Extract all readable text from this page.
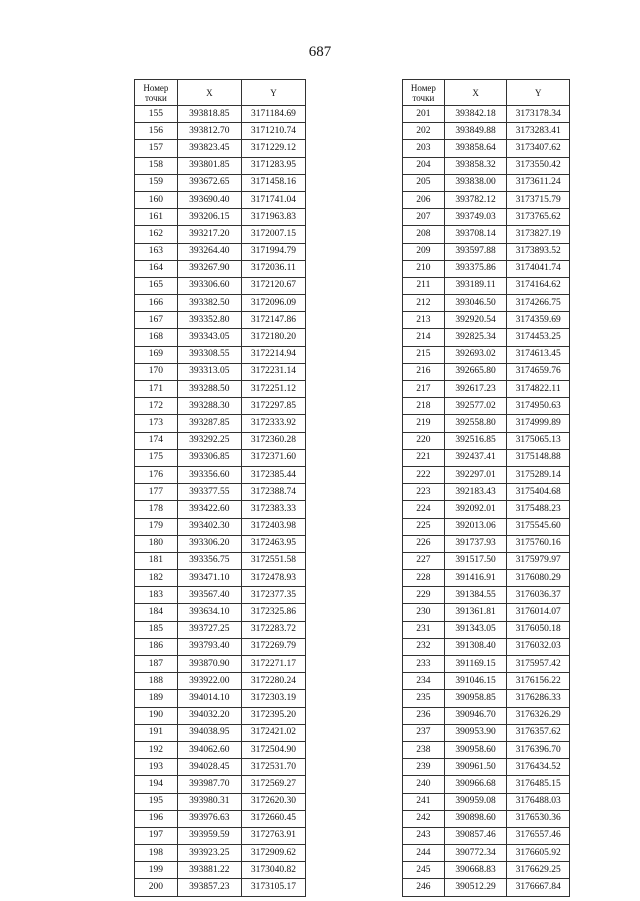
687
Номер
точки	X	Y
155	393818.85	3171184.69
156	393812.70	3171210.74
157	393823.45	3171229.12
158	393801.85	3171283.95
159	393672.65	3171458.16
160	393690.40	3171741.04
161	393206.15	3171963.83
162	393217.20	3172007.15
163	393264.40	3171994.79
164	393267.90	3172036.11
165	393306.60	3172120.67
166	393382.50	3172096.09
167	393352.80	3172147.86
168	393343.05	3172180.20
169	393308.55	3172214.94
170	393313.05	3172231.14
171	393288.50	3172251.12
172	393288.30	3172297.85
173	393287.85	3172333.92
174	393292.25	3172360.28
175	393306.85	3172371.60
176	393356.60	3172385.44
177	393377.55	3172388.74
178	393422.60	3172383.33
179	393402.30	3172403.98
180	393306.20	3172463.95
181	393356.75	3172551.58
182	393471.10	3172478.93
183	393567.40	3172377.35
184	393634.10	3172325.86
185	393727.25	3172283.72
186	393793.40	3172269.79
187	393870.90	3172271.17
188	393922.00	3172280.24
189	394014.10	3172303.19
190	394032.20	3172395.20
191	394038.95	3172421.02
192	394062.60	3172504.90
193	394028.45	3172531.70
194	393987.70	3172569.27
195	393980.31	3172620.30
196	393976.63	3172660.45
197	393959.59	3172763.91
198	393923.25	3172909.62
199	393881.22	3173040.82
200	393857.23	3173105.17
Номер
точки	X	Y
201	393842.18	3173178.34
202	393849.88	3173283.41
203	393858.64	3173407.62
204	393858.32	3173550.42
205	393838.00	3173611.24
206	393782.12	3173715.79
207	393749.03	3173765.62
208	393708.14	3173827.19
209	393597.88	3173893.52
210	393375.86	3174041.74
211	393189.11	3174164.62
212	393046.50	3174266.75
213	392920.54	3174359.69
214	392825.34	3174453.25
215	392693.02	3174613.45
216	392665.80	3174659.76
217	392617.23	3174822.11
218	392577.02	3174950.63
219	392558.80	3174999.89
220	392516.85	3175065.13
221	392437.41	3175148.88
222	392297.01	3175289.14
223	392183.43	3175404.68
224	392092.01	3175488.23
225	392013.06	3175545.60
226	391737.93	3175760.16
227	391517.50	3175979.97
228	391416.91	3176080.29
229	391384.55	3176036.37
230	391361.81	3176014.07
231	391343.05	3176050.18
232	391308.40	3176032.03
233	391169.15	3175957.42
234	391046.15	3176156.22
235	390958.85	3176286.33
236	390946.70	3176326.29
237	390953.90	3176357.62
238	390958.60	3176396.70
239	390961.50	3176434.52
240	390966.68	3176485.15
241	390959.08	3176488.03
242	390898.60	3176530.36
243	390857.46	3176557.46
244	390772.34	3176605.92
245	390668.83	3176629.25
246	390512.29	3176667.84
